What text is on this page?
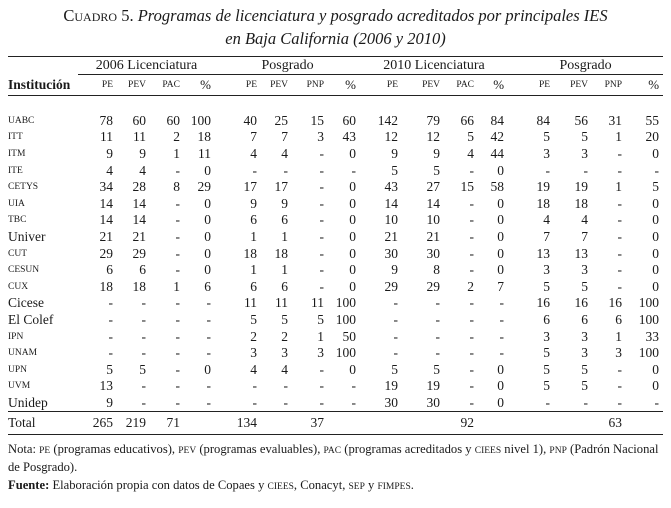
Cuadro 5. Programas de licenciatura y posgrado acreditados por principales IES
en Baja California (2006 y 2010)
	2006 Licenciatura				Posgrado				2010 Licenciatura				Posgrado			
Institución	PE	PEV	PAC	%	PE	PEV	PNP	%	PE	PEV	PAC	%	PE	PEV	PNP	%

UABC	78	60	60	100	40	25	15	60	142	79	66	84	84	56	31	55
ITT	11	11	2	18	7	7	3	43	12	12	5	42	5	5	1	20
ITM	9	9	1	11	4	4	-	0	9	9	4	44	3	3	-	0
ITE	4	4	-	0	-	-	-	-	5	5	-	0	-	-	-	-
CETYS	34	28	8	29	17	17	-	0	43	27	15	58	19	19	1	5
UIA	14	14	-	0	9	9	-	0	14	14	-	0	18	18	-	0
TBC	14	14	-	0	6	6	-	0	10	10	-	0	4	4	-	0
Univer	21	21	-	0	1	1	-	0	21	21	-	0	7	7	-	0
CUT	29	29	-	0	18	18	-	0	30	30	-	0	13	13	-	0
CESUN	6	6	-	0	1	1	-	0	9	8	-	0	3	3	-	0
CUX	18	18	1	6	6	6	-	0	29	29	2	7	5	5	-	0
Cicese	-	-	-	-	11	11	11	100	-	-	-	-	16	16	16	100
El Colef	-	-	-	-	5	5	5	100	-	-	-	-	6	6	6	100
IPN	-	-	-	-	2	2	1	50	-	-	-	-	3	3	1	33
UNAM	-	-	-	-	3	3	3	100	-	-	-	-	5	3	3	100
UPN	5	5	-	0	4	4	-	0	5	5	-	0	5	5	-	0
UVM	13	-	-	-	-	-	-	-	19	19	-	0	5	5	-	0
Unidep	9	-	-	-	-	-	-	-	30	30	-	0	-	-	-	-
Total	265	219	71		134		37				92				63	
Nota: PE (programas educativos), PEV (programas evaluables), PAC (programas acreditados y CIEES nivel 1), PNP (Padrón Nacional de Posgrado).
Fuente: Elaboración propia con datos de Copaes y CIEES, Conacyt, SEP y FIMPES.
